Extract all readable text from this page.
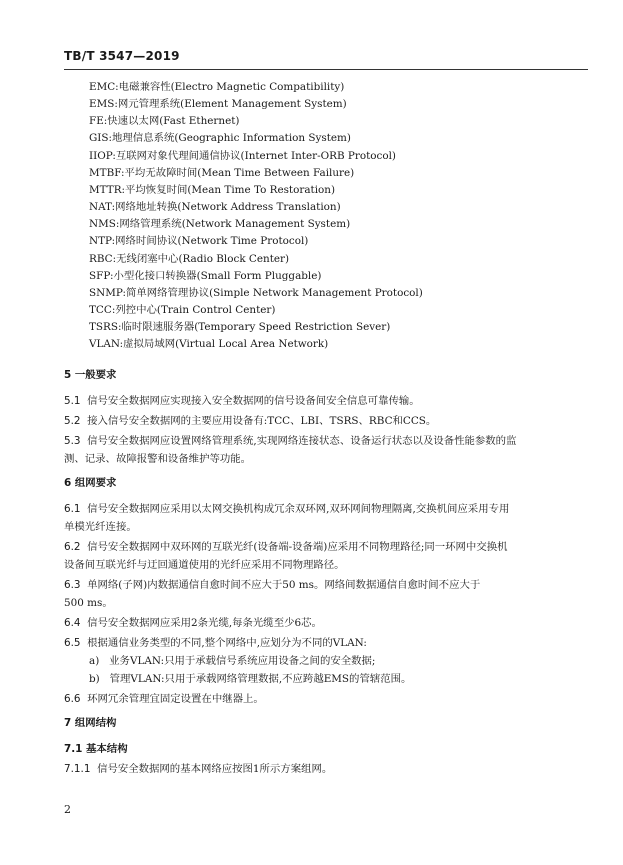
TB/T 3547—2019
EMC:电磁兼容性(Electro Magnetic Compatibility)
EMS:网元管理系统(Element Management System)
FE:快速以太网(Fast Ethernet)
GIS:地理信息系统(Geographic Information System)
IIOP:互联网对象代理间通信协议(Internet Inter-ORB Protocol)
MTBF:平均无故障时间(Mean Time Between Failure)
MTTR:平均恢复时间(Mean Time To Restoration)
NAT:网络地址转换(Network Address Translation)
NMS:网络管理系统(Network Management System)
NTP:网络时间协议(Network Time Protocol)
RBC:无线闭塞中心(Radio Block Center)
SFP:小型化接口转换器(Small Form Pluggable)
SNMP:简单网络管理协议(Simple Network Management Protocol)
TCC:列控中心(Train Control Center)
TSRS:临时限速服务器(Temporary Speed Restriction Sever)
VLAN:虚拟局域网(Virtual Local Area Network)
5 一般要求
5.1 信号安全数据网应实现接入安全数据网的信号设备间安全信息可靠传输。
5.2 接入信号安全数据网的主要应用设备有:TCC、LBI、TSRS、RBC和CCS。
5.3 信号安全数据网应设置网络管理系统,实现网络连接状态、设备运行状态以及设备性能参数的监
测、记录、故障报警和设备维护等功能。
6 组网要求
6.1 信号安全数据网应采用以太网交换机构成冗余双环网,双环网间物理隔离,交换机间应采用专用
单模光纤连接。
6.2 信号安全数据网中双环网的互联光纤(设备端-设备端)应采用不同物理路径;同一环网中交换机
设备间互联光纤与迂回通道使用的光纤应采用不同物理路径。
6.3 单网络(子网)内数据通信自愈时间不应大于50 ms。网络间数据通信自愈时间不应大于
500 ms。
6.4 信号安全数据网应采用2条光缆,每条光缆至少6芯。
6.5 根据通信业务类型的不同,整个网络中,应划分为不同的VLAN:
a) 业务VLAN:只用于承载信号系统应用设备之间的安全数据;
b) 管理VLAN:只用于承载网络管理数据,不应跨越EMS的管辖范围。
6.6 环网冗余管理宜固定设置在中继器上。
7 组网结构
7.1 基本结构
7.1.1 信号安全数据网的基本网络应按图1所示方案组网。
2
